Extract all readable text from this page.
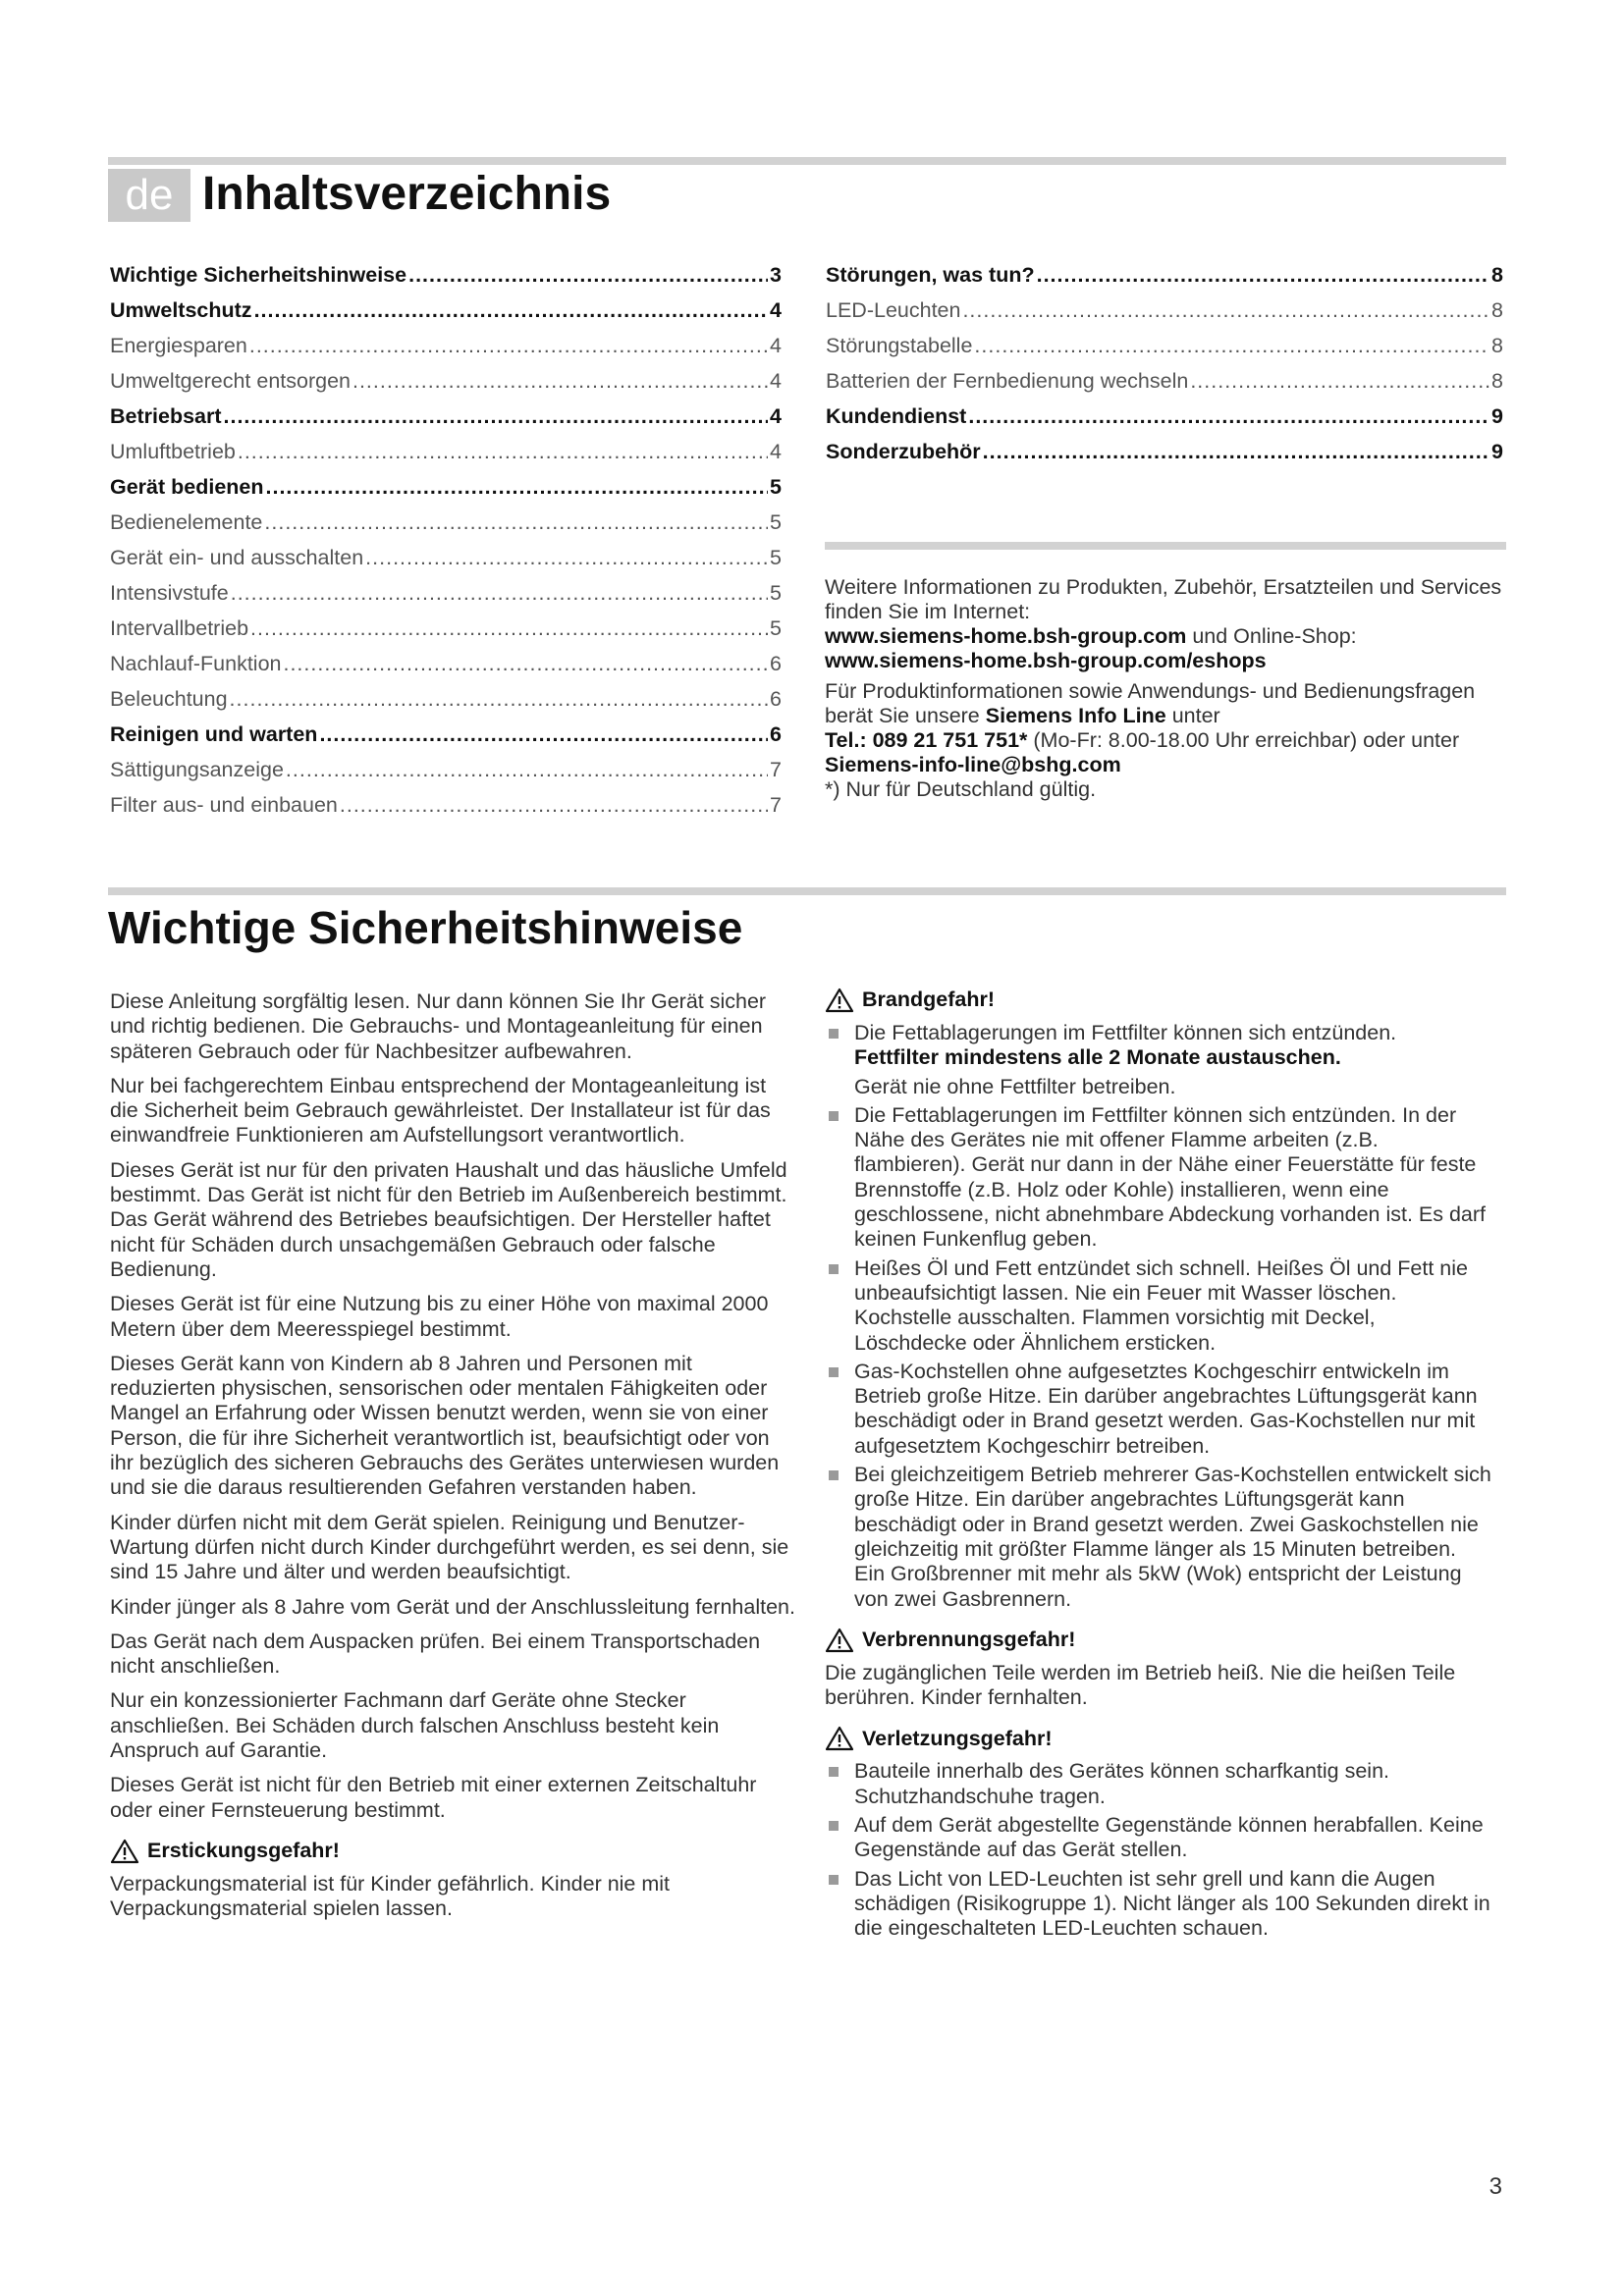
de Inhaltsverzeichnis
Wichtige Sicherheitshinweise .....	3
Umweltschutz .....	4
Energiesparen .....	4
Umweltgerecht entsorgen .....	4
Betriebsart .....	4
Umluftbetrieb .....	4
Gerät bedienen .....	5
Bedienelemente .....	5
Gerät ein- und ausschalten .....	5
Intensivstufe .....	5
Intervallbetrieb .....	5
Nachlauf-Funktion .....	6
Beleuchtung .....	6
Reinigen und warten .....	6
Sättigungsanzeige .....	7
Filter aus- und einbauen .....	7
Störungen, was tun? .....	8
LED-Leuchten .....	8
Störungstabelle .....	8
Batterien der Fernbedienung wechseln .....	8
Kundendienst .....	9
Sonderzubehör .....	9

Weitere Informationen zu Produkten, Zubehör, Ersatzteilen und Services finden Sie im Internet:
www.siemens-home.bsh-group.com und Online-Shop:
www.siemens-home.bsh-group.com/eshops

Für Produktinformationen sowie Anwendungs- und Bedienungsfragen berät Sie unsere Siemens Info Line unter
Tel.: 089 21 751 751* (Mo-Fr: 8.00-18.00 Uhr erreichbar) oder unter Siemens-info-line@bshg.com
*) Nur für Deutschland gültig.

Wichtige Sicherheitshinweise

Diese Anleitung sorgfältig lesen. Nur dann können Sie Ihr Gerät sicher und richtig bedienen. Die Gebrauchs- und Montageanleitung für einen späteren Gebrauch oder für Nachbesitzer aufbewahren.

Nur bei fachgerechtem Einbau entsprechend der Montageanleitung ist die Sicherheit beim Gebrauch gewährleistet. Der Installateur ist für das einwandfreie Funktionieren am Aufstellungsort verantwortlich.

Dieses Gerät ist nur für den privaten Haushalt und das häusliche Umfeld bestimmt. Das Gerät ist nicht für den Betrieb im Außenbereich bestimmt. Das Gerät während des Betriebes beaufsichtigen. Der Hersteller haftet nicht für Schäden durch unsachgemäßen Gebrauch oder falsche Bedienung.

Dieses Gerät ist für eine Nutzung bis zu einer Höhe von maximal 2000 Metern über dem Meeresspiegel bestimmt.

Dieses Gerät kann von Kindern ab 8 Jahren und Personen mit reduzierten physischen, sensorischen oder mentalen Fähigkeiten oder Mangel an Erfahrung oder Wissen benutzt werden, wenn sie von einer Person, die für ihre Sicherheit verantwortlich ist, beaufsichtigt oder von ihr bezüglich des sicheren Gebrauchs des Gerätes unterwiesen wurden und sie die daraus resultierenden Gefahren verstanden haben.

Kinder dürfen nicht mit dem Gerät spielen. Reinigung und Benutzer-Wartung dürfen nicht durch Kinder durchgeführt werden, es sei denn, sie sind 15 Jahre und älter und werden beaufsichtigt.

Kinder jünger als 8 Jahre vom Gerät und der Anschlussleitung fernhalten.

Das Gerät nach dem Auspacken prüfen. Bei einem Transportschaden nicht anschließen.

Nur ein konzessionierter Fachmann darf Geräte ohne Stecker anschließen. Bei Schäden durch falschen Anschluss besteht kein Anspruch auf Garantie.

Dieses Gerät ist nicht für den Betrieb mit einer externen Zeitschaltuhr oder einer Fernsteuerung bestimmt.

Erstickungsgefahr!

Verpackungsmaterial ist für Kinder gefährlich. Kinder nie mit Verpackungsmaterial spielen lassen.

Brandgefahr!

Die Fettablagerungen im Fettfilter können sich entzünden.
Fettfilter mindestens alle 2 Monate austauschen.

Gerät nie ohne Fettfilter betreiben.

Die Fettablagerungen im Fettfilter können sich entzünden. In der Nähe des Gerätes nie mit offener Flamme arbeiten (z.B. flambieren). Gerät nur dann in der Nähe einer Feuerstätte für feste Brennstoffe (z.B. Holz oder Kohle) installieren, wenn eine geschlossene, nicht abnehmbare Abdeckung vorhanden ist. Es darf keinen Funkenflug geben.

Heißes Öl und Fett entzündet sich schnell. Heißes Öl und Fett nie unbeaufsichtigt lassen. Nie ein Feuer mit Wasser löschen. Kochstelle ausschalten. Flammen vorsichtig mit Deckel, Löschdecke oder Ähnlichem ersticken.

Gas-Kochstellen ohne aufgesetztes Kochgeschirr entwickeln im Betrieb große Hitze. Ein darüber angebrachtes Lüftungsgerät kann beschädigt oder in Brand gesetzt werden. Gas-Kochstellen nur mit aufgesetztem Kochgeschirr betreiben.

Bei gleichzeitigem Betrieb mehrerer Gas-Kochstellen entwickelt sich große Hitze. Ein darüber angebrachtes Lüftungsgerät kann beschädigt oder in Brand gesetzt werden. Zwei Gaskochstellen nie gleichzeitig mit größter Flamme länger als 15 Minuten betreiben. Ein Großbrenner mit mehr als 5kW (Wok) entspricht der Leistung von zwei Gasbrennern.

Verbrennungsgefahr!

Die zugänglichen Teile werden im Betrieb heiß. Nie die heißen Teile berühren. Kinder fernhalten.

Verletzungsgefahr!

Bauteile innerhalb des Gerätes können scharfkantig sein. Schutzhandschuhe tragen.

Auf dem Gerät abgestellte Gegenstände können herabfallen. Keine Gegenstände auf das Gerät stellen.

Das Licht von LED-Leuchten ist sehr grell und kann die Augen schädigen (Risikogruppe 1). Nicht länger als 100 Sekunden direkt in die eingeschalteten LED-Leuchten schauen.

3
